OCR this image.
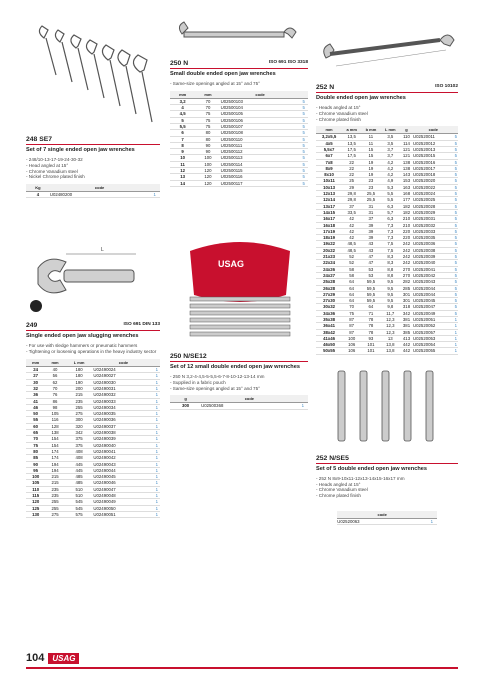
248 SE7
Set of 7 single ended open jaw wrenches
- 248/10-13-17-19-24-30-32
- Head angled at 15°
- Chrome Vanadium steel
- Nickel Chrome plated finish
Kg	code	
4	U02480200	1
L
249	ISO 691 DIN 133
Single ended open jaw slugging wrenches
- For use with sledge hammers or pneumatic hammers
- Tightening or loosening operations in the heavy industry sector
mm	mm	L mm	code	
24	40	180	U02490024	1
27	56	180	U02490027	1
30	62	190	U02490030	1
32	70	200	U02490031	1
36	76	215	U02490032	1
41	86	235	U02490033	1
46	98	255	U02490034	1
50	105	275	U02490035	1
55	116	300	U02490036	1
60	128	320	U02490037	1
65	138	342	U02490038	1
70	154	375	U02490039	1
75	154	375	U02490040	1
80	174	408	U02490041	1
85	174	408	U02490042	1
90	194	445	U02490043	1
95	194	445	U02490044	1
100	215	485	U02490045	1
105	215	485	U02490046	1
110	235	510	U02490047	1
115	235	510	U02490048	1
120	255	545	U02490049	1
125	255	545	U02490050	1
130	275	575	U02490051	1
250 N	ISO 691 ISO 3318
Small double ended open jaw wrenches
- Same-size openings angled at 15° and 75°
mm	mm	code	
3,2	70	U02500103	5
4	70	U02500104	5
4,5	75	U02500105	5
5	75	U02500106	5
5,5	75	U02500107	5
6	80	U02500108	5
7	80	U02500110	5
8	90	U02500111	5
9	90	U02500112	5
10	100	U02500113	5
11	100	U02500114	5
12	120	U02500115	5
13	120	U02500116	5
14	120	U02500117	5
USAG
250 N/SE12
Set of 12 small double ended open jaw wrenches
- 250 N 3,2-4-4,5-5-5,5-6-7-8-10-12-13-14 mm
- Supplied in a fabric pouch
- Same-size openings angled at 15° and 75°
g	code	
300	U02500368	1
252 N	ISO 10102
Double ended open jaw wrenches
- Heads angled at 15°
- Chrome Vanadium steel
- Chrome plated finish
mm	a mm	b mm	L mm	g	code	
3,2x5,5	13,5	11	3,5	110	U02520011	5
4x5	13,5	11	3,5	114	U02520012	5
5,5x7	17,5	15	3,7	121	U02520013	5
6x7	17,5	15	3,7	121	U02520015	5
7x8	22	19	4,2	138	U02520016	5
8x9	22	19	4,2	138	U02520017	5
8x10	22	19	4,2	143	U02520018	5
10x11	25	23	4,9	153	U02520020	5
10x13	29	23	5,3	163	U02520022	5
12x13	29,8	25,5	5,5	168	U02520024	5
12x14	29,8	25,5	5,5	177	U02520025	5
13x17	37	31	6,3	182	U02520028	5
14x15	33,5	31	5,7	182	U02520029	5
16x17	42	37	6,3	210	U02520031	5
16x18	42	39	7,3	210	U02520032	5
17x19	42	39	7,3	220	U02520033	5
18x19	42	39	7,3	220	U02520035	5
19x22	48,5	43	7,5	242	U02520036	5
20x22	48,5	43	7,5	242	U02520038	5
21x23	52	47	8,3	242	U02520039	5
22x24	52	47	8,3	242	U02520040	5
24x26	58	53	8,8	270	U02520041	5
24x27	58	53	8,8	270	U02520042	5
25x28	64	59,5	9,5	282	U02520043	5
26x28	64	59,5	9,5	285	U02520044	5
27x29	64	59,5	9,5	301	U02520044	5
27x30	64	59,5	9,5	301	U02520045	5
30x32	70	64	9,8	318	U02520047	5
34x36	75	71	11,7	342	U02520049	5
35x38	87	78	12,3	381	U02520051	1
36x41	87	78	12,3	381	U02520052	1
38x42	87	78	12,3	385	U02520057	1
41x46	100	93	13	413	U02520053	1
46x50	106	101	13,8	442	U02520054	1
50x55	106	101	13,8	442	U02520055	1
252 N/SE5
Set of 5 double ended open jaw wrenches
- 252 N 8x9-10x11-12x13-14x15-16x17 mm
- Heads angled at 15°
- Chrome Vanadium steel
- Chrome plated finish
code	
U02520063	1
104	USAG
